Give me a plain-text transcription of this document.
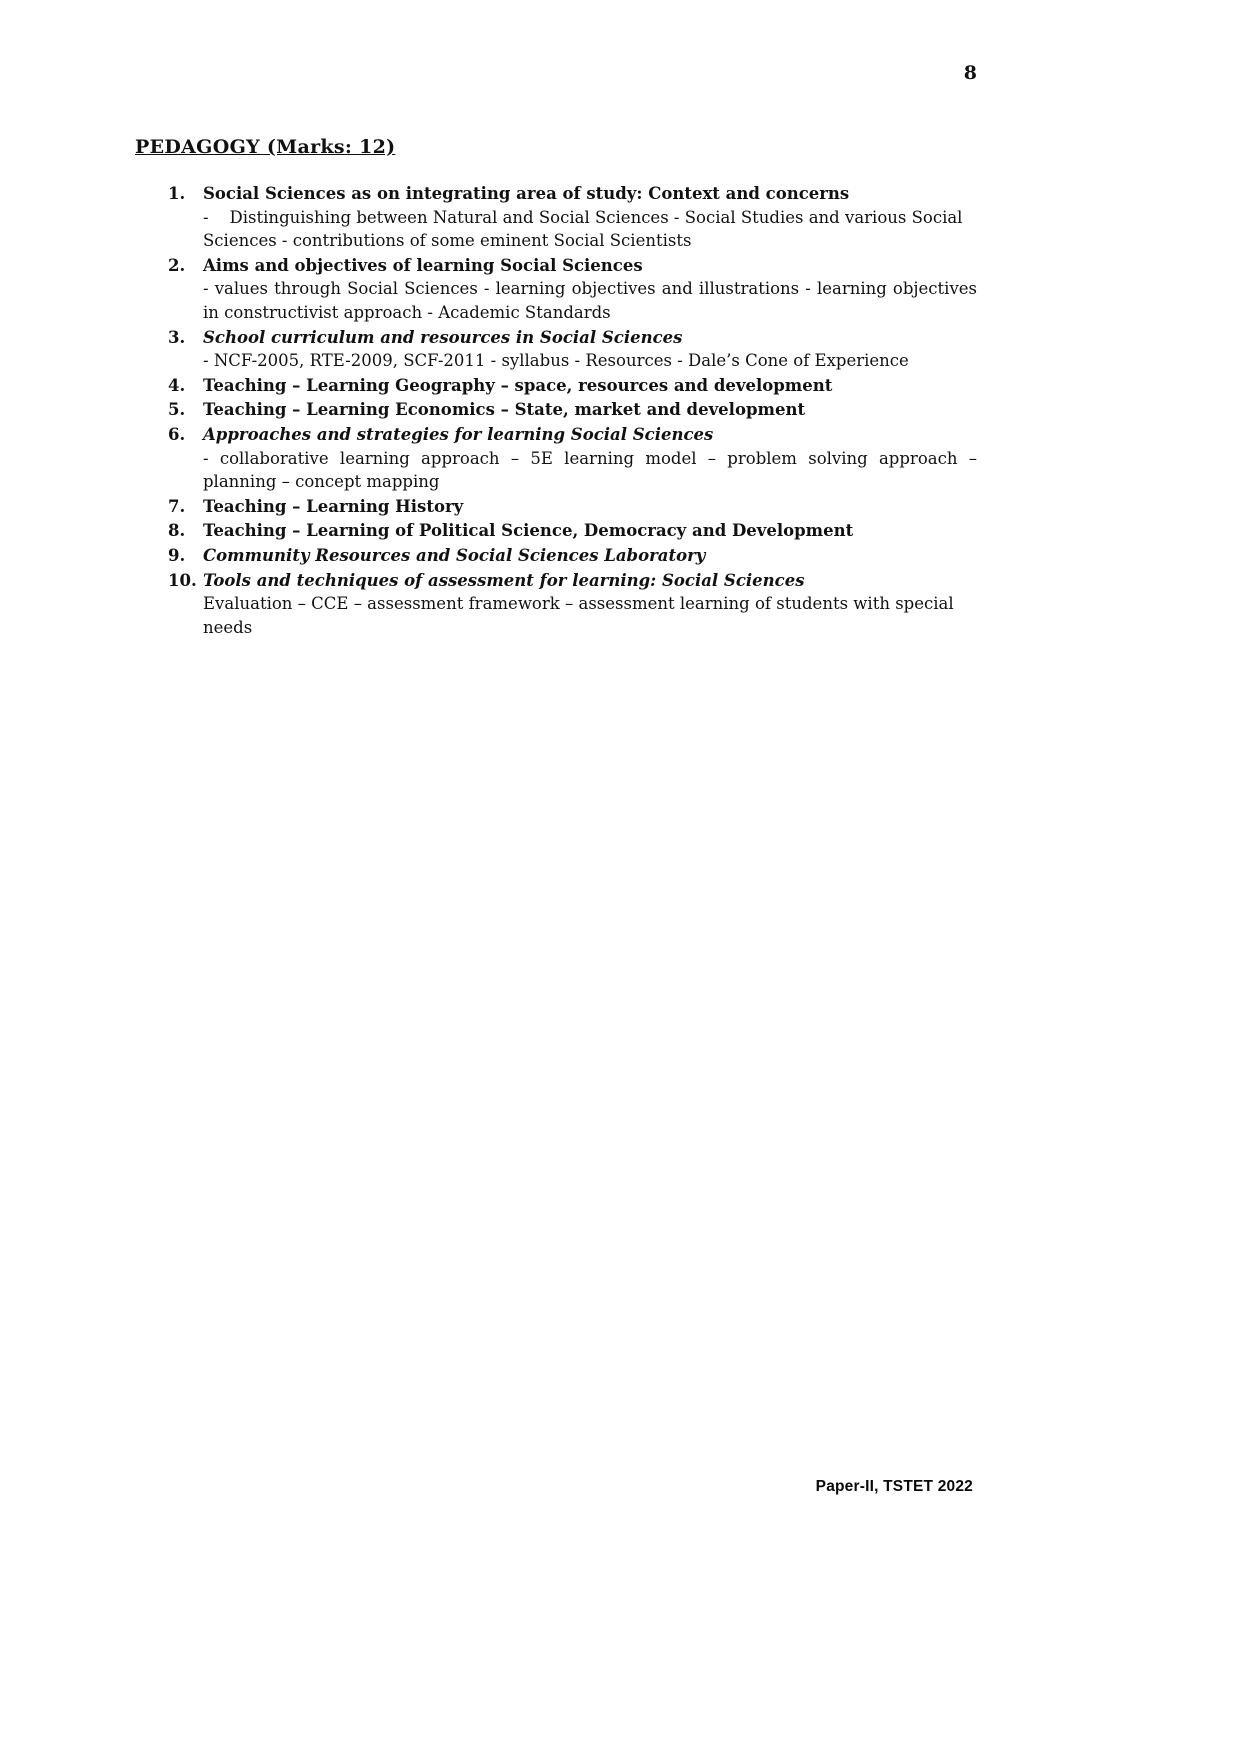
8
PEDAGOGY (Marks: 12)
1.	Social Sciences as on integrating area of study: Context and concerns

-    Distinguishing between Natural and Social Sciences - Social Studies and various Social Sciences - contributions of some eminent Social Scientists

2.	Aims and objectives of learning Social Sciences

- values through Social Sciences - learning objectives and illustrations - learning objectives in constructivist approach - Academic Standards

3.	School curriculum and resources in Social Sciences

- NCF-2005, RTE-2009, SCF-2011 - syllabus - Resources - Dale’s Cone of Experience

4.	Teaching – Learning Geography – space, resources and development
5.	Teaching – Learning Economics – State, market and development
6.	Approaches and strategies for learning Social Sciences

- collaborative learning approach – 5E learning model – problem solving approach – planning – concept mapping

7.	Teaching – Learning History
8.	Teaching – Learning of Political Science, Democracy and Development
9.	Community Resources and Social Sciences Laboratory
10. Tools and techniques of assessment for learning: Social Sciences

Evaluation – CCE – assessment framework – assessment learning of students with special needs

Paper-II, TSTET 2022
